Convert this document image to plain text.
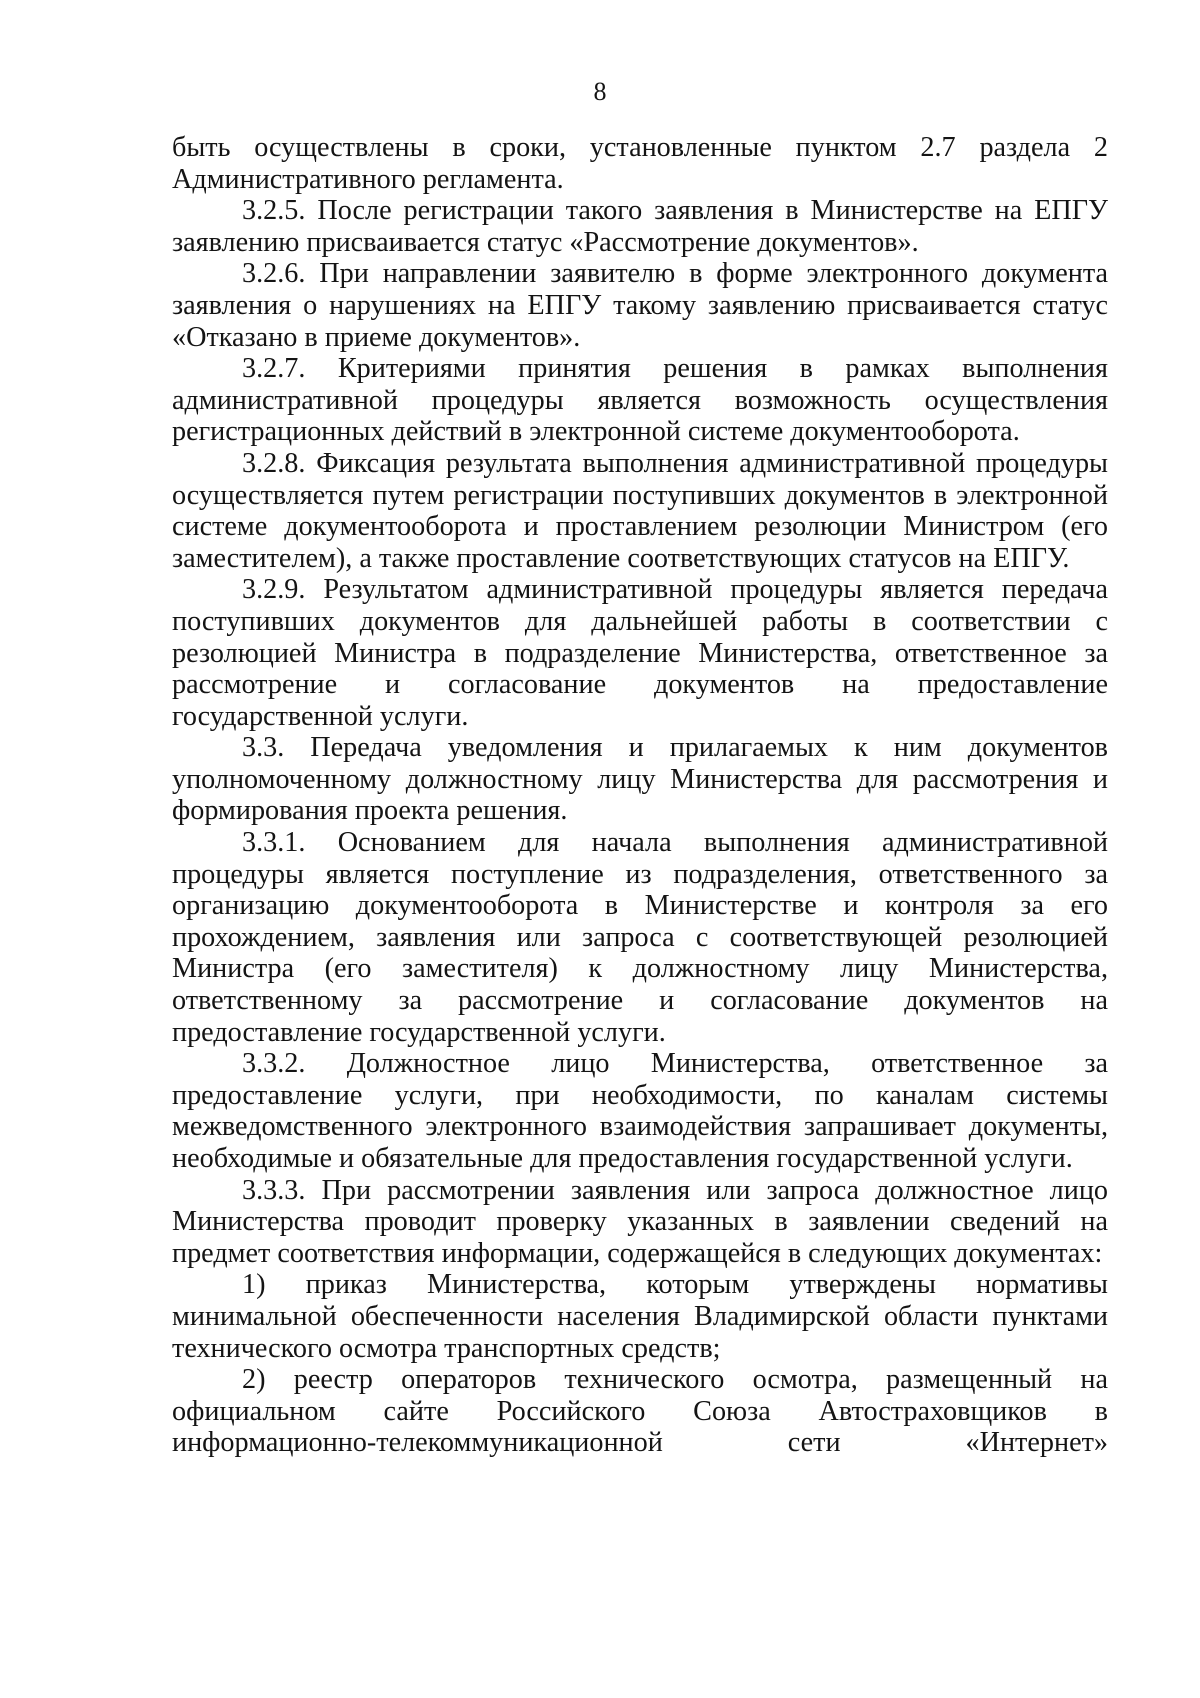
8

быть осуществлены в сроки, установленные пунктом 2.7 раздела 2 Административного регламента.

3.2.5. После регистрации такого заявления в Министерстве на ЕПГУ заявлению присваивается статус «Рассмотрение документов».

3.2.6. При направлении заявителю в форме электронного документа заявления о нарушениях на ЕПГУ такому заявлению присваивается статус «Отказано в приеме документов».

3.2.7. Критериями принятия решения в рамках выполнения административной процедуры является возможность осуществления регистрационных действий в электронной системе документооборота.

3.2.8. Фиксация результата выполнения административной процедуры осуществляется путем регистрации поступивших документов в электронной системе документооборота и проставлением резолюции Министром (его заместителем), а также проставление соответствующих статусов на ЕПГУ.

3.2.9. Результатом административной процедуры является передача поступивших документов для дальнейшей работы в соответствии с резолюцией Министра в подразделение Министерства, ответственное за рассмотрение и согласование документов на предоставление государственной услуги.

3.3. Передача уведомления и прилагаемых к ним документов уполномоченному должностному лицу Министерства для рассмотрения и формирования проекта решения.

3.3.1. Основанием для начала выполнения административной процедуры является поступление из подразделения, ответственного за организацию документооборота в Министерстве и контроля за его прохождением, заявления или запроса с соответствующей резолюцией Министра (его заместителя) к должностному лицу Министерства, ответственному за рассмотрение и согласование документов на предоставление государственной услуги.

3.3.2. Должностное лицо Министерства, ответственное за предоставление услуги, при необходимости, по каналам системы межведомственного электронного взаимодействия запрашивает документы, необходимые и обязательные для предоставления государственной услуги.

3.3.3. При рассмотрении заявления или запроса должностное лицо Министерства проводит проверку указанных в заявлении сведений на предмет соответствия информации, содержащейся в следующих документах:

1) приказ Министерства, которым утверждены нормативы минимальной обеспеченности населения Владимирской области пунктами технического осмотра транспортных средств;

2) реестр операторов технического осмотра, размещенный на официальном сайте Российского Союза Автостраховщиков в информационно-телекоммуникационной сети «Интернет»
